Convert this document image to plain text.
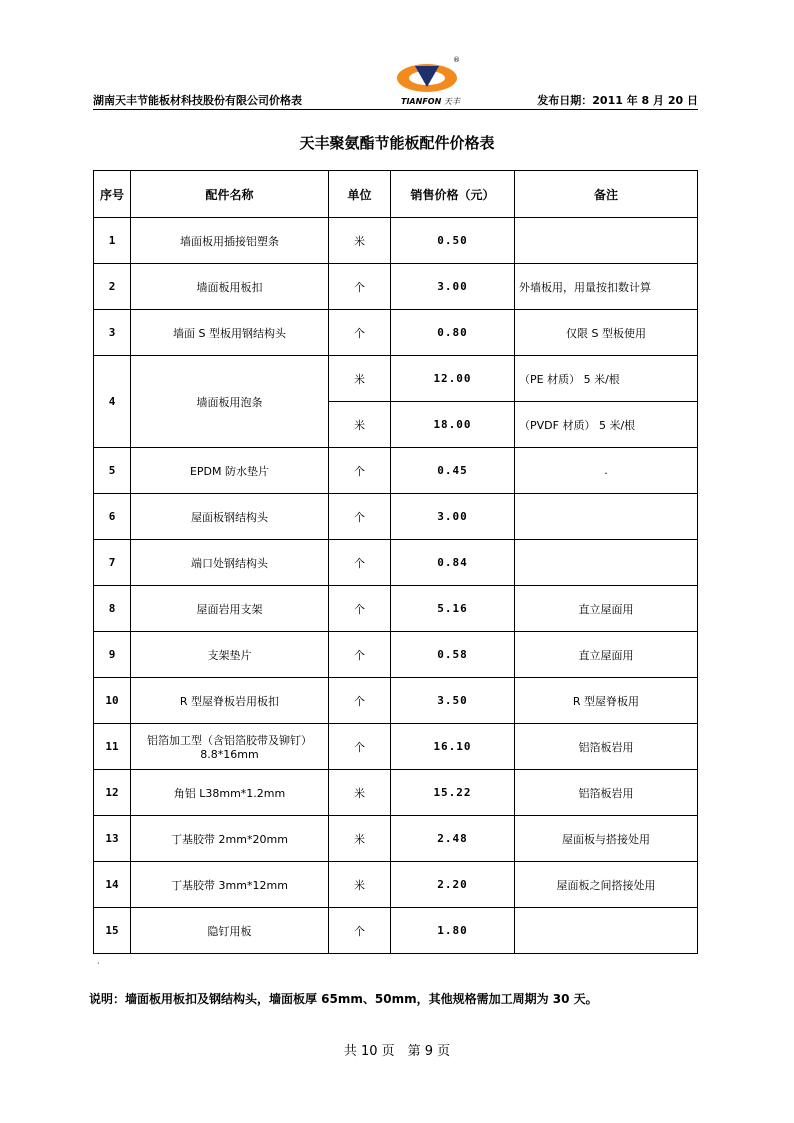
湖南天丰节能板材科技股份有限公司价格表
®
TIANFON 天丰	发布日期：2011 年 8 月 20 日
天丰聚氨酯节能板配件价格表
序号	配件名称	单位	销售价格（元）	备注
1	墙面板用插接铝塑条	米	0.50	
2	墙面板用板扣	个	3.00	外墙板用，用量按扣数计算
3	墙面 S 型板用钢结构头	个	0.80	仅限 S 型板使用
4	墙面板用泡条	米	12.00	（PE 材质） 5 米/根
		米	18.00	（PVDF 材质） 5 米/根
5	EPDM 防水垫片	个	0.45	.
6	屋面板钢结构头	个	3.00	
7	端口处钢结构头	个	0.84	
8	屋面岩用支架	个	5.16	直立屋面用
9	支架垫片	个	0.58	直立屋面用
10	R 型屋脊板岩用板扣	个	3.50	R 型屋脊板用
11	铝箔加工型（含铝箔胶带及铆钉）8.8*16mm	个	16.10	铝箔板岩用
12	角铝 L38mm*1.2mm	米	15.22	铝箔板岩用
13	丁基胶带 2mm*20mm	米	2.48	屋面板与搭接处用
14	丁基胶带 3mm*12mm	米	2.20	屋面板之间搭接处用
15	隐钉用板	个	1.80	
·
说明：墙面板用板扣及钢结构头，墙面板厚 65mm、50mm，其他规格需加工周期为 30 天。
共 10 页　第 9 页
